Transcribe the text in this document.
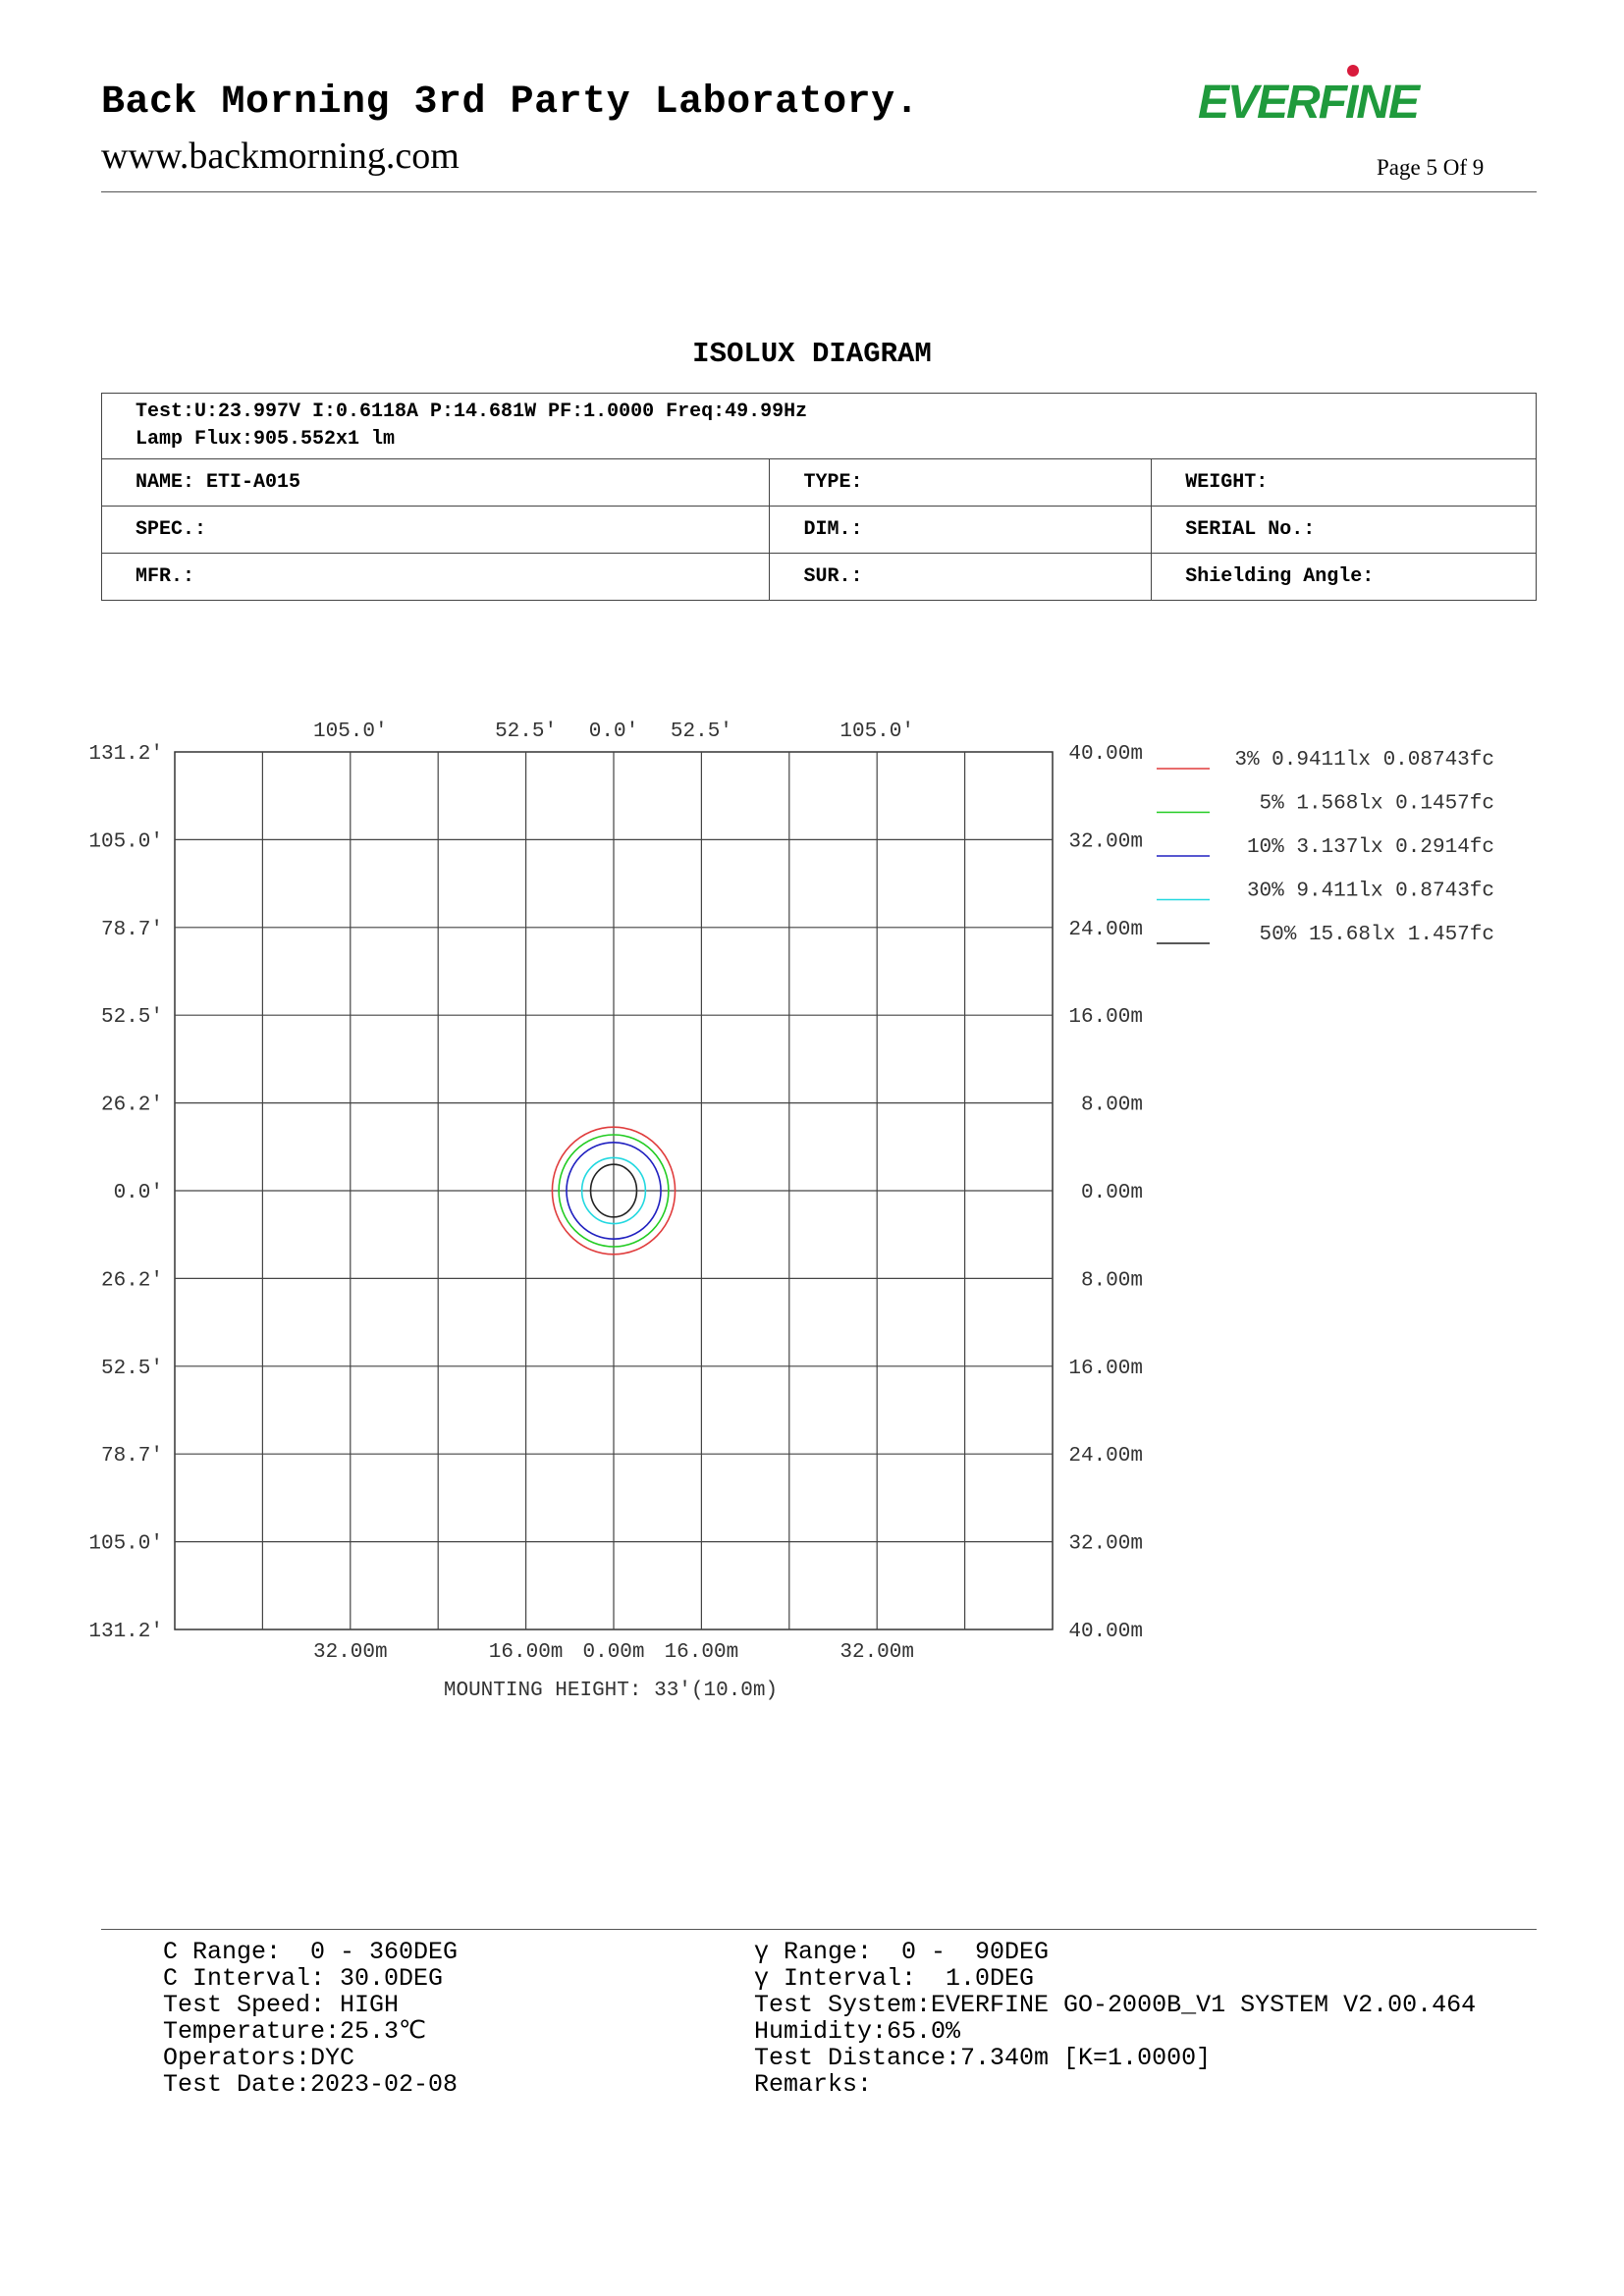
Back Morning 3rd Party Laboratory.
www.backmorning.com
EVERFINE
Page 5 Of 9
ISOLUX DIAGRAM
Test:U:23.997V I:0.6118A P:14.681W PF:1.0000 Freq:49.99Hz
Lamp Flux:905.552x1 lm		

NAME: ETI-A015	TYPE:	WEIGHT:
SPEC.:	DIM.:	SERIAL No.:
MFR.:	SUR.:	Shielding Angle:
105.0'	52.5' 0.0' 52.5'	105.0'
32.00m	16.00m 0.00m 16.00m	32.00m
131.2'
105.0'
78.7'
52.5'
26.2'
0.0'
26.2'
52.5'
78.7'
105.0'
131.2'
40.00m
32.00m
24.00m
16.00m
8.00m
0.00m
8.00m
16.00m
24.00m
32.00m
40.00m
MOUNTING HEIGHT: 33'(10.0m)
3% 0.9411lx 0.08743fc
5% 1.568lx 0.1457fc
10% 3.137lx 0.2914fc
30% 9.411lx 0.8743fc
50% 15.68lx 1.457fc
C Range:  0 - 360DEG
C Interval: 30.0DEG
Test Speed: HIGH
Temperature:25.3℃
Operators:DYC
Test Date:2023-02-08
γ Range:  0 -  90DEG
γ Interval:  1.0DEG
Test System:EVERFINE GO-2000B_V1 SYSTEM V2.00.464
Humidity:65.0%
Test Distance:7.340m [K=1.0000]
Remarks:
